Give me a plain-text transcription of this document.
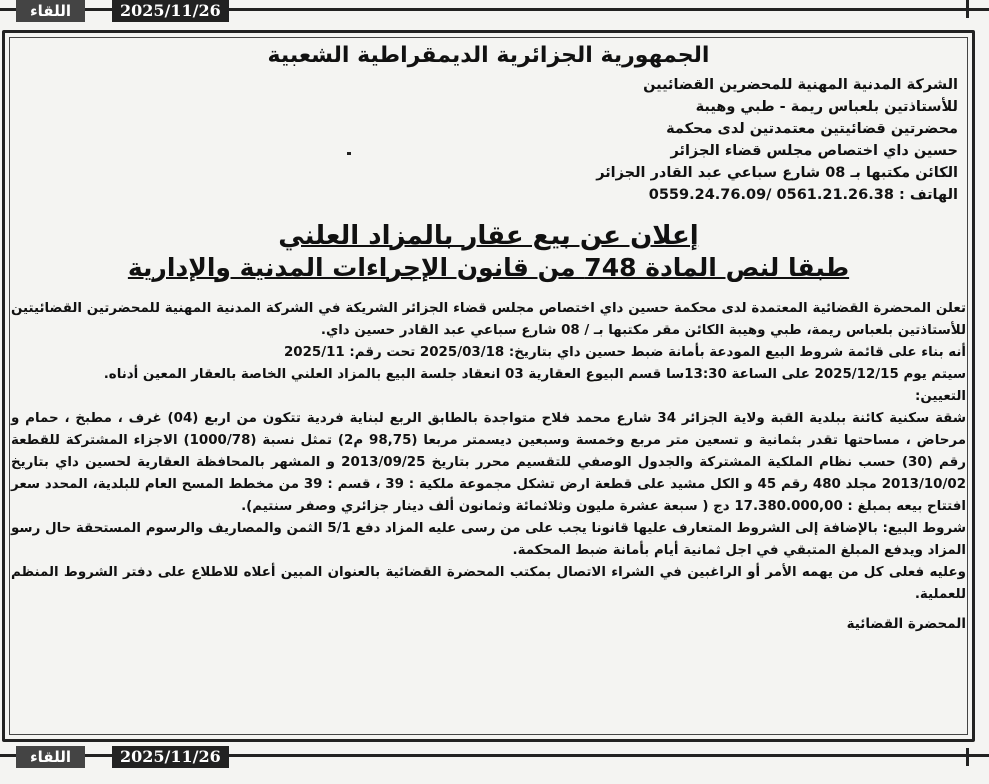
اللقاء	2025/11/26
الجمهورية الجزائرية الديمقراطية الشعبية
الشركة المدنية المهنية للمحضرين القضائيين
للأستاذتين بلعباس ريمة - طبي وهيبة
محضرتين قضائيتين معتمدتين لدى محكمة
حسين داي اختصاص مجلس قضاء الجزائر
الكائن مكتبها بـ 08 شارع سباعي عبد القادر الجزائر
الهاتف : 0559.24.76.09/ 0561.21.26.38
إعلان عن بيع عقار بالمزاد العلني
طبقا لنص المادة 748 من قانون الإجراءات المدنية والإدارية

تعلن المحضرة القضائية المعتمدة لدى محكمة حسين داي اختصاص مجلس قضاء الجزائر الشريكة في الشركة المدنية المهنية للمحضرتين القضائيتين للأستاذتين بلعباس ريمة، طبي وهيبة الكائن مقر مكتبها بـ / 08 شارع سباعي عبد القادر حسين داي.

أنه بناء على قائمة شروط البيع المودعة بأمانة ضبط حسين داي بتاريخ: 2025/03/18 تحت رقم: 2025/11

سيتم يوم 2025/12/15 على الساعة 13:30سا قسم البيوع العقارية 03 انعقاد جلسة البيع بالمزاد العلني الخاصة بالعقار المعين أدناه.

التعيين:

شقة سكنية كائنة ببلدية القبة ولاية الجزائر 34 شارع محمد فلاح متواجدة بالطابق الربع لبناية فردية تتكون من اربع (04) غرف ، مطبخ ، حمام و مرحاض ، مساحتها تقدر بثمانية و تسعين متر مربع وخمسة وسبعين ديسمتر مربعا (98,75 م2) تمثل نسبة (1000/78) الاجزاء المشتركة للقطعة رقم (30) حسب نظام الملكية المشتركة والجدول الوصفي للتقسيم محرر بتاريخ 2013/09/25 و المشهر بالمحافظة العقارية لحسين داي بتاريخ 2013/10/02 مجلد 480 رقم 45 و الكل مشيد على قطعة ارض تشكل مجموعة ملكية : 39 ، قسم : 39 من مخطط المسح العام للبلدية، المحدد سعر افتتاح بيعه بمبلغ : 17.380.000,00 دج ( سبعة عشرة مليون وثلاثمائة وثمانون ألف دينار جزائري وصفر سنتيم).

شروط البيع: بالإضافة إلى الشروط المتعارف عليها قانونا يجب على من رسى عليه المزاد دفع 5/1 الثمن والمصاريف والرسوم المستحقة حال رسو المزاد ويدفع المبلغ المتبقي في اجل ثمانية أيام بأمانة ضبط المحكمة.

وعليه فعلى كل من يهمه الأمر أو الراغبين في الشراء الاتصال بمكتب المحضرة القضائية بالعنوان المبين أعلاه للاطلاع على دفتر الشروط المنظم للعملية.

المحضرة القضائية
اللقاء	2025/11/26
